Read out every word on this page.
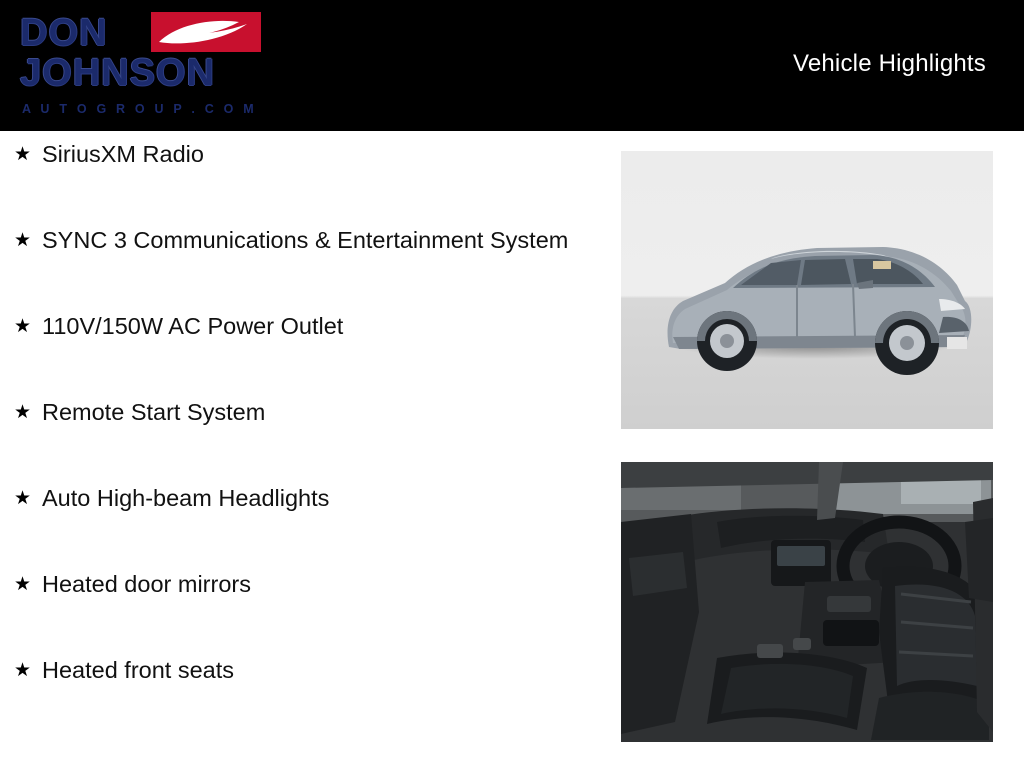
DON
JOHNSON
A U T O G R O U P . C O M
Vehicle Highlights
★ SiriusXM Radio
★ SYNC 3 Communications & Entertainment System
★ 110V/150W AC Power Outlet
★ Remote Start System
★ Auto High-beam Headlights
★ Heated door mirrors
★ Heated front seats
